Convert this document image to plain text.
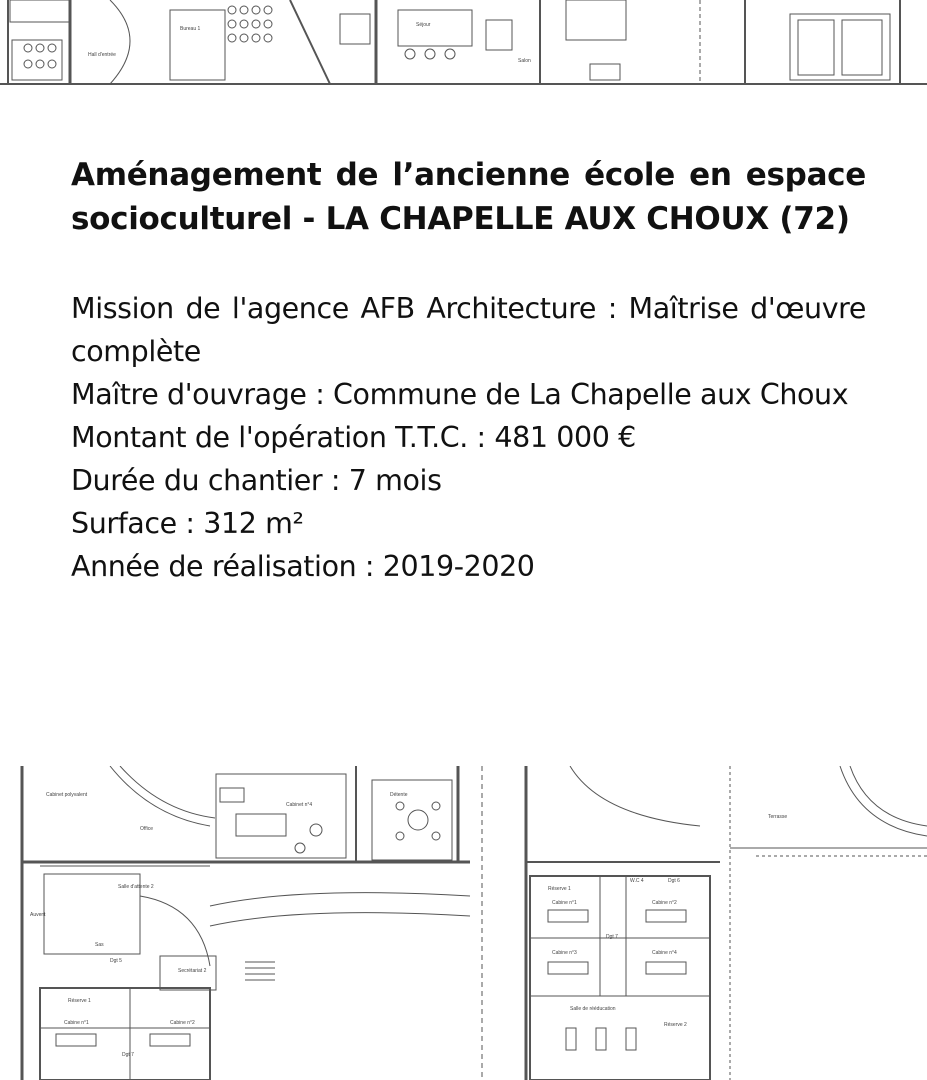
Séjour
Salon
Hall d'entrée
Bureau 1
Aménagement de l’ancienne école en espace socioculturel - LA CHAPELLE AUX CHOUX (72)

Mission de l'agence AFB Architecture : Maîtrise d'œuvre complète

Maître d'ouvrage : Commune de La Chapelle aux Choux

Montant de l'opération T.T.C. : 481 000 €

Durée du chantier : 7 mois

Surface : 312 m²

Année de réalisation : 2019-2020

Cabinet polyvalent
Office
Salle d'attente 2
Auvent
Sas
Secrétariat 2
Dgt 5
Réserve 1
Cabine n°1	Cabine n°2
Dgt 7
Cabinet n°4
Détente
Réserve 1
Cabine n°1	Cabine n°2
Cabine n°3	Cabine n°4
Dgt 7
Salle de rééducation
Réserve 2
Terrasse
W.C 4	Dgt 6
